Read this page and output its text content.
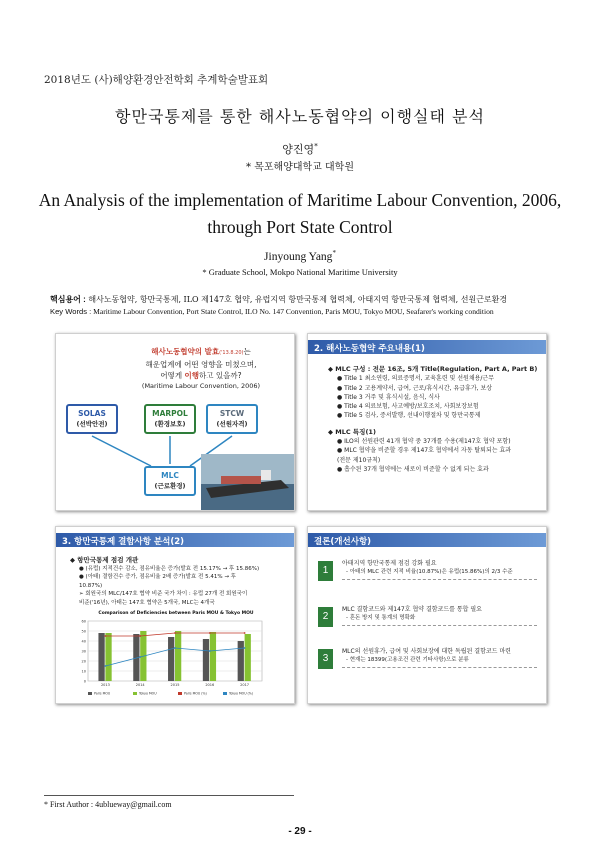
2018년도 (사)해양환경안전학회 추계학술발표회
항만국통제를 통한 해사노동협약의 이행실태 분석
양진영*
* 목포해양대학교 대학원
An Analysis of the implementation of Maritime Labour Convention, 2006,
through Port State Control
Jinyoung Yang*
* Graduate School, Mokpo National Maritime University
핵심용어 : 해사노동협약, 항만국통제, ILO 제147호 협약, 유럽지역 항만국통제 협력체, 아태지역 항만국통제 협력체, 선원근로환경
Key Words : Maritime Labour Convention, Port State Control, ILO No. 147 Convention, Paris MOU, Tokyo MOU, Seafarer's working condition
해사노동협약의 발효('13.8.20)는
해운업계에 어떤 영향을 미쳤으며,
어떻게 이행하고 있을까?
(Maritime Labour Convention, 2006)
SOLAS
(선박안전)
MARPOL
(환경보호)
STCW
(선원자격)
MLC
(근로환경)
2. 해사노동협약 주요내용(1)
◆ MLC 구성 : 전문 16조, 5개 Title(Regulation, Part A, Part B)
● Title 1 최소연령, 의료증명서, 교육훈련 및 선원채용/근무
● Title 2 고용계약서, 급여, 근로/휴식시간, 유급휴가, 보상
● Title 3 거주 및 휴식시설, 음식, 식사
● Title 4 의료보험, 사고예방/보호조치, 사회보장보험
● Title 5 검사, 증서발행, 선내이행절차 및 항만국통제
◆ MLC 특징(1)
● ILO의 선원관련 41개 협약 중 37개를 수용(제147호 협약 포함)
● MLC 협약을 비준할 경우 제147호 협약에서 자동 탈퇴되는 효과
(전문 제10규칙)
● 흡수된 37개 협약에는 새로이 비준할 수 없게 되는 효과
3. 항만국통제 결함사항 분석(2)
◆ 항만국통제 점검 개관
● (유럽) 지적건수 감소, 점유비율은 증가(발효 전 15.17% → 후 15.86%)
● (아태) 결함건수 증가, 점유비율 2배 증가(발효 전 5.41% → 후
10.87%)
➢ 회원국의 MLC/147호 협약 비준 국가 차이 : 유럽 27개 전 회원국이
비준('16년), 아태는 147호 협약은 5개국, MLC는 4개국
Comparison of Deficiencies between Paris MOU & Tokyo MOU
0
10
20
30
40
50
60
2013	2014	2015	2016	2017
Paris MOU	Tokyo MOU	Paris MOU (%)	Tokyo MOU (%)
결론(개선사항)
1
아태지역 항만국통제 점검 강화 필요
- 아태의 MLC 관련 지적 비율(10.87%)은 유럽(15.86%)의 2/3 수준
2
MLC 결함코드와 제147호 협약 결함코드를 통합 필요
- 혼돈 방지 및 통계의 명확화
3
MLC의 선원휴가, 급여 및 사회보장에 대한 독립된 결함코드 마련
- 현재는 18399(고용조건 관련 기타사항)으로 분류
* First Author : 4ublueway@gmail.com
- 29 -
